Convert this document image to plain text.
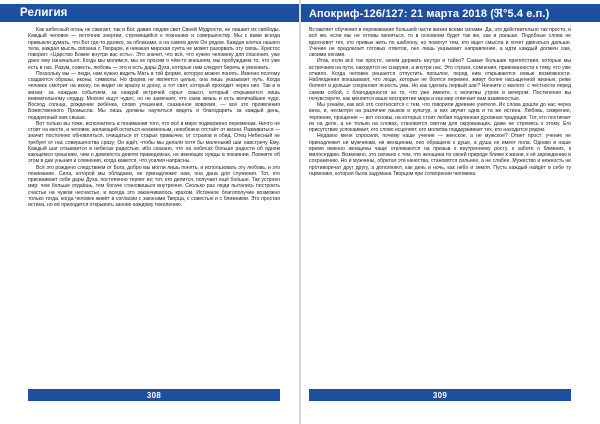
Религия

Как небесный огонь не сжигает, так и Бог, давая людям свет Своей Мудрости, не лишает их свободы. Каждый человек — источник энергии, стремящийся к познанию и совершенству. Мы с вами всегда привыкли думать, что Бог где-то далеко, за облаками, а на самом деле Он рядом. Каждая клетка нашего тела, каждая мысль связана с Творцом, и никакая мирская суета не может разорвать эту связь. Христос говорил: «Царство Божие внутри вас есть». Это значит, что всё, что нужно человеку для спасения, уже дано ему изначально. Когда мы молимся, мы не просим о чём-то внешнем, мы пробуждаем то, что уже есть в нас. Разум, совесть, любовь — это и есть дары Духа, которые нам следует беречь и умножать.

Поскольку мы — люди, нам нужно видеть Мать в той форме, которую можно понять. Именно поэтому создаются образы, иконы, символы. Но форма не является целью, она лишь указывает путь. Когда человек смотрит на икону, он видит не краску и доску, а тот свет, который проходит через них. Так и в жизни: за каждым событием, за каждой встречей скрыт смысл, который открывается лишь внимательному сердцу. Многие ищут чудес, но не замечают, что сама жизнь и есть величайшее чудо. Восход солнца, рождение ребёнка, слово утешения, сказанное вовремя, — всё это проявления Божественного Промысла. Мы лишь должны научиться видеть и благодарить за каждый день, подаренный нам свыше.

Вот только вы тоже, исполнитесь в понимании того, что всё в мире подвержено переменам. Ничто не стоит на месте, и человек, желающий остаться неизменным, неизбежно отстаёт от жизни. Развиваться — значит постоянно обновляться, очищаться от старых привычек, от страхов и обид. Отец Небесный не требует от нас совершенства сразу; Он ждёт, чтобы мы делали хотя бы маленький шаг навстречу Ему. Каждый шаг отзывается в небесах радостью, ибо сказано, что на небесах больше радости об одном кающемся грешнике, чем о девяноста девяти праведниках, не имеющих нужды в покаянии. Помните об этом в дни уныния и сомнения, когда кажется, что усилия напрасны.

Всё это рождено следствием от Бога, добро мы могли лишь понять, и использовать эту любовь, и это понимание. Сила, которой мы обладаем, не принадлежит нам, она дана для служения. Тот, кто присваивает себе дары Духа, постепенно теряет их; тот, кто делится, получает ещё больше. Так устроен мир: чем больше отдаёшь, тем богаче становишься внутренне. Сколько раз люди пытались построить счастье на чужом несчастье, и всегда это заканчивалось крахом. Истинное благополучие возможно только тогда, когда человек живёт в согласии с законами Творца, с совестью и с ближними. Это простая истина, но её приходится открывать заново каждому поколению.

308
Апокриф-126/127: 21 марта 2018 (ℜ°5.4 е.п.)

Вставляет обучения в переживание большей части жизни всеми силами. Да, это действительно так просто, и всё же, если мы не готовы меняться, то в основном будет так же, как и раньше. Подобные слова не вдохновят тех, кто привык жить по шаблону, но помогут тем, кто ищет смысла и хочет двигаться дальше. Учение не предлагает готовых ответов, оно лишь указывает направление, а идти каждый должен сам, своими ногами.

Итак, если всё так просто, зачем держать внутри и тайно? Самые большие препятствия, которые мы встречаем на пути, находятся не снаружи, а внутри нас. Это страхи, сомнения, привязанности к тому, что уже отжило. Когда человек решается отпустить прошлое, перед ним открываются новые возможности. Наблюдения показывают, что люди, которые не боятся перемен, живут более насыщенной жизнью, реже болеют и дольше сохраняют ясность ума. Но как сделать первый шаг? Начните с малого: с честности перед самим собой, с благодарности за то, что уже имеете, с молитвы утром и вечером. Постепенно вы почувствуете, как меняется ваше восприятие мира и как мир отвечает вам взаимностью.

Мы узнаём, как всё это соотносится с тем, что говорили древние учителя. Их слова дошли до нас через века, и, несмотря на различие языков и культур, в них звучит одна и та же истина. Любовь, смирение, терпение, прощение — вот основы, на которых стоит любая подлинная духовная традиция. Тот, кто постигает их на деле, а не только на словах, становится светом для окружающих, даже не стремясь к этому. Его присутствие успокаивает, его слово исцеляет, его молитва поддерживает тех, кто находится рядом.

Недавно меня спросили, почему наше учение — женское, а не мужское? Ответ прост: учение не принадлежит ни мужчинам, ни женщинам, оно обращено к душе, а душа не имеет пола. Однако в наше время именно женщины чаще откликаются на призыв к внутреннему росту, к заботе о ближних, к милосердию. Возможно, это связано с тем, что женщина по своей природе ближе к жизни, к её зарождению и сохранению. Но и мужчины, обретая эти качества, становятся сильнее, а не слабее. Мужество и нежность не противоречат друг другу, а дополняют, как день и ночь, как небо и земля. Пусть каждый найдёт в себе ту гармонию, которая была задумана Творцом при сотворении человека.

309
